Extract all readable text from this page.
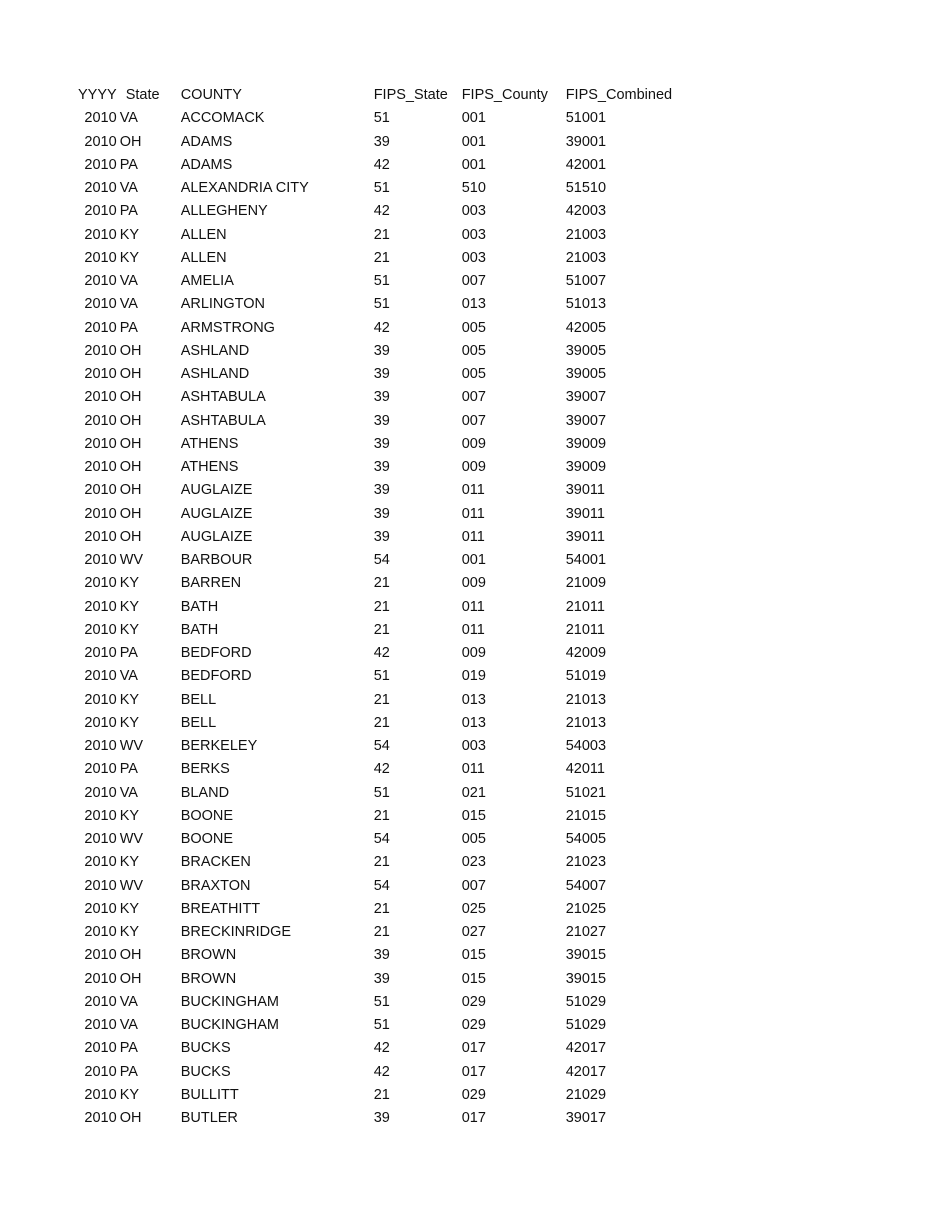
YYYY	State	COUNTY	FIPS_State	FIPS_County	FIPS_Combined
2010	VA	ACCOMACK	51	001	51001
2010	OH	ADAMS	39	001	39001
2010	PA	ADAMS	42	001	42001
2010	VA	ALEXANDRIA CITY	51	510	51510
2010	PA	ALLEGHENY	42	003	42003
2010	KY	ALLEN	21	003	21003
2010	KY	ALLEN	21	003	21003
2010	VA	AMELIA	51	007	51007
2010	VA	ARLINGTON	51	013	51013
2010	PA	ARMSTRONG	42	005	42005
2010	OH	ASHLAND	39	005	39005
2010	OH	ASHLAND	39	005	39005
2010	OH	ASHTABULA	39	007	39007
2010	OH	ASHTABULA	39	007	39007
2010	OH	ATHENS	39	009	39009
2010	OH	ATHENS	39	009	39009
2010	OH	AUGLAIZE	39	011	39011
2010	OH	AUGLAIZE	39	011	39011
2010	OH	AUGLAIZE	39	011	39011
2010	WV	BARBOUR	54	001	54001
2010	KY	BARREN	21	009	21009
2010	KY	BATH	21	011	21011
2010	KY	BATH	21	011	21011
2010	PA	BEDFORD	42	009	42009
2010	VA	BEDFORD	51	019	51019
2010	KY	BELL	21	013	21013
2010	KY	BELL	21	013	21013
2010	WV	BERKELEY	54	003	54003
2010	PA	BERKS	42	011	42011
2010	VA	BLAND	51	021	51021
2010	KY	BOONE	21	015	21015
2010	WV	BOONE	54	005	54005
2010	KY	BRACKEN	21	023	21023
2010	WV	BRAXTON	54	007	54007
2010	KY	BREATHITT	21	025	21025
2010	KY	BRECKINRIDGE	21	027	21027
2010	OH	BROWN	39	015	39015
2010	OH	BROWN	39	015	39015
2010	VA	BUCKINGHAM	51	029	51029
2010	VA	BUCKINGHAM	51	029	51029
2010	PA	BUCKS	42	017	42017
2010	PA	BUCKS	42	017	42017
2010	KY	BULLITT	21	029	21029
2010	OH	BUTLER	39	017	39017
